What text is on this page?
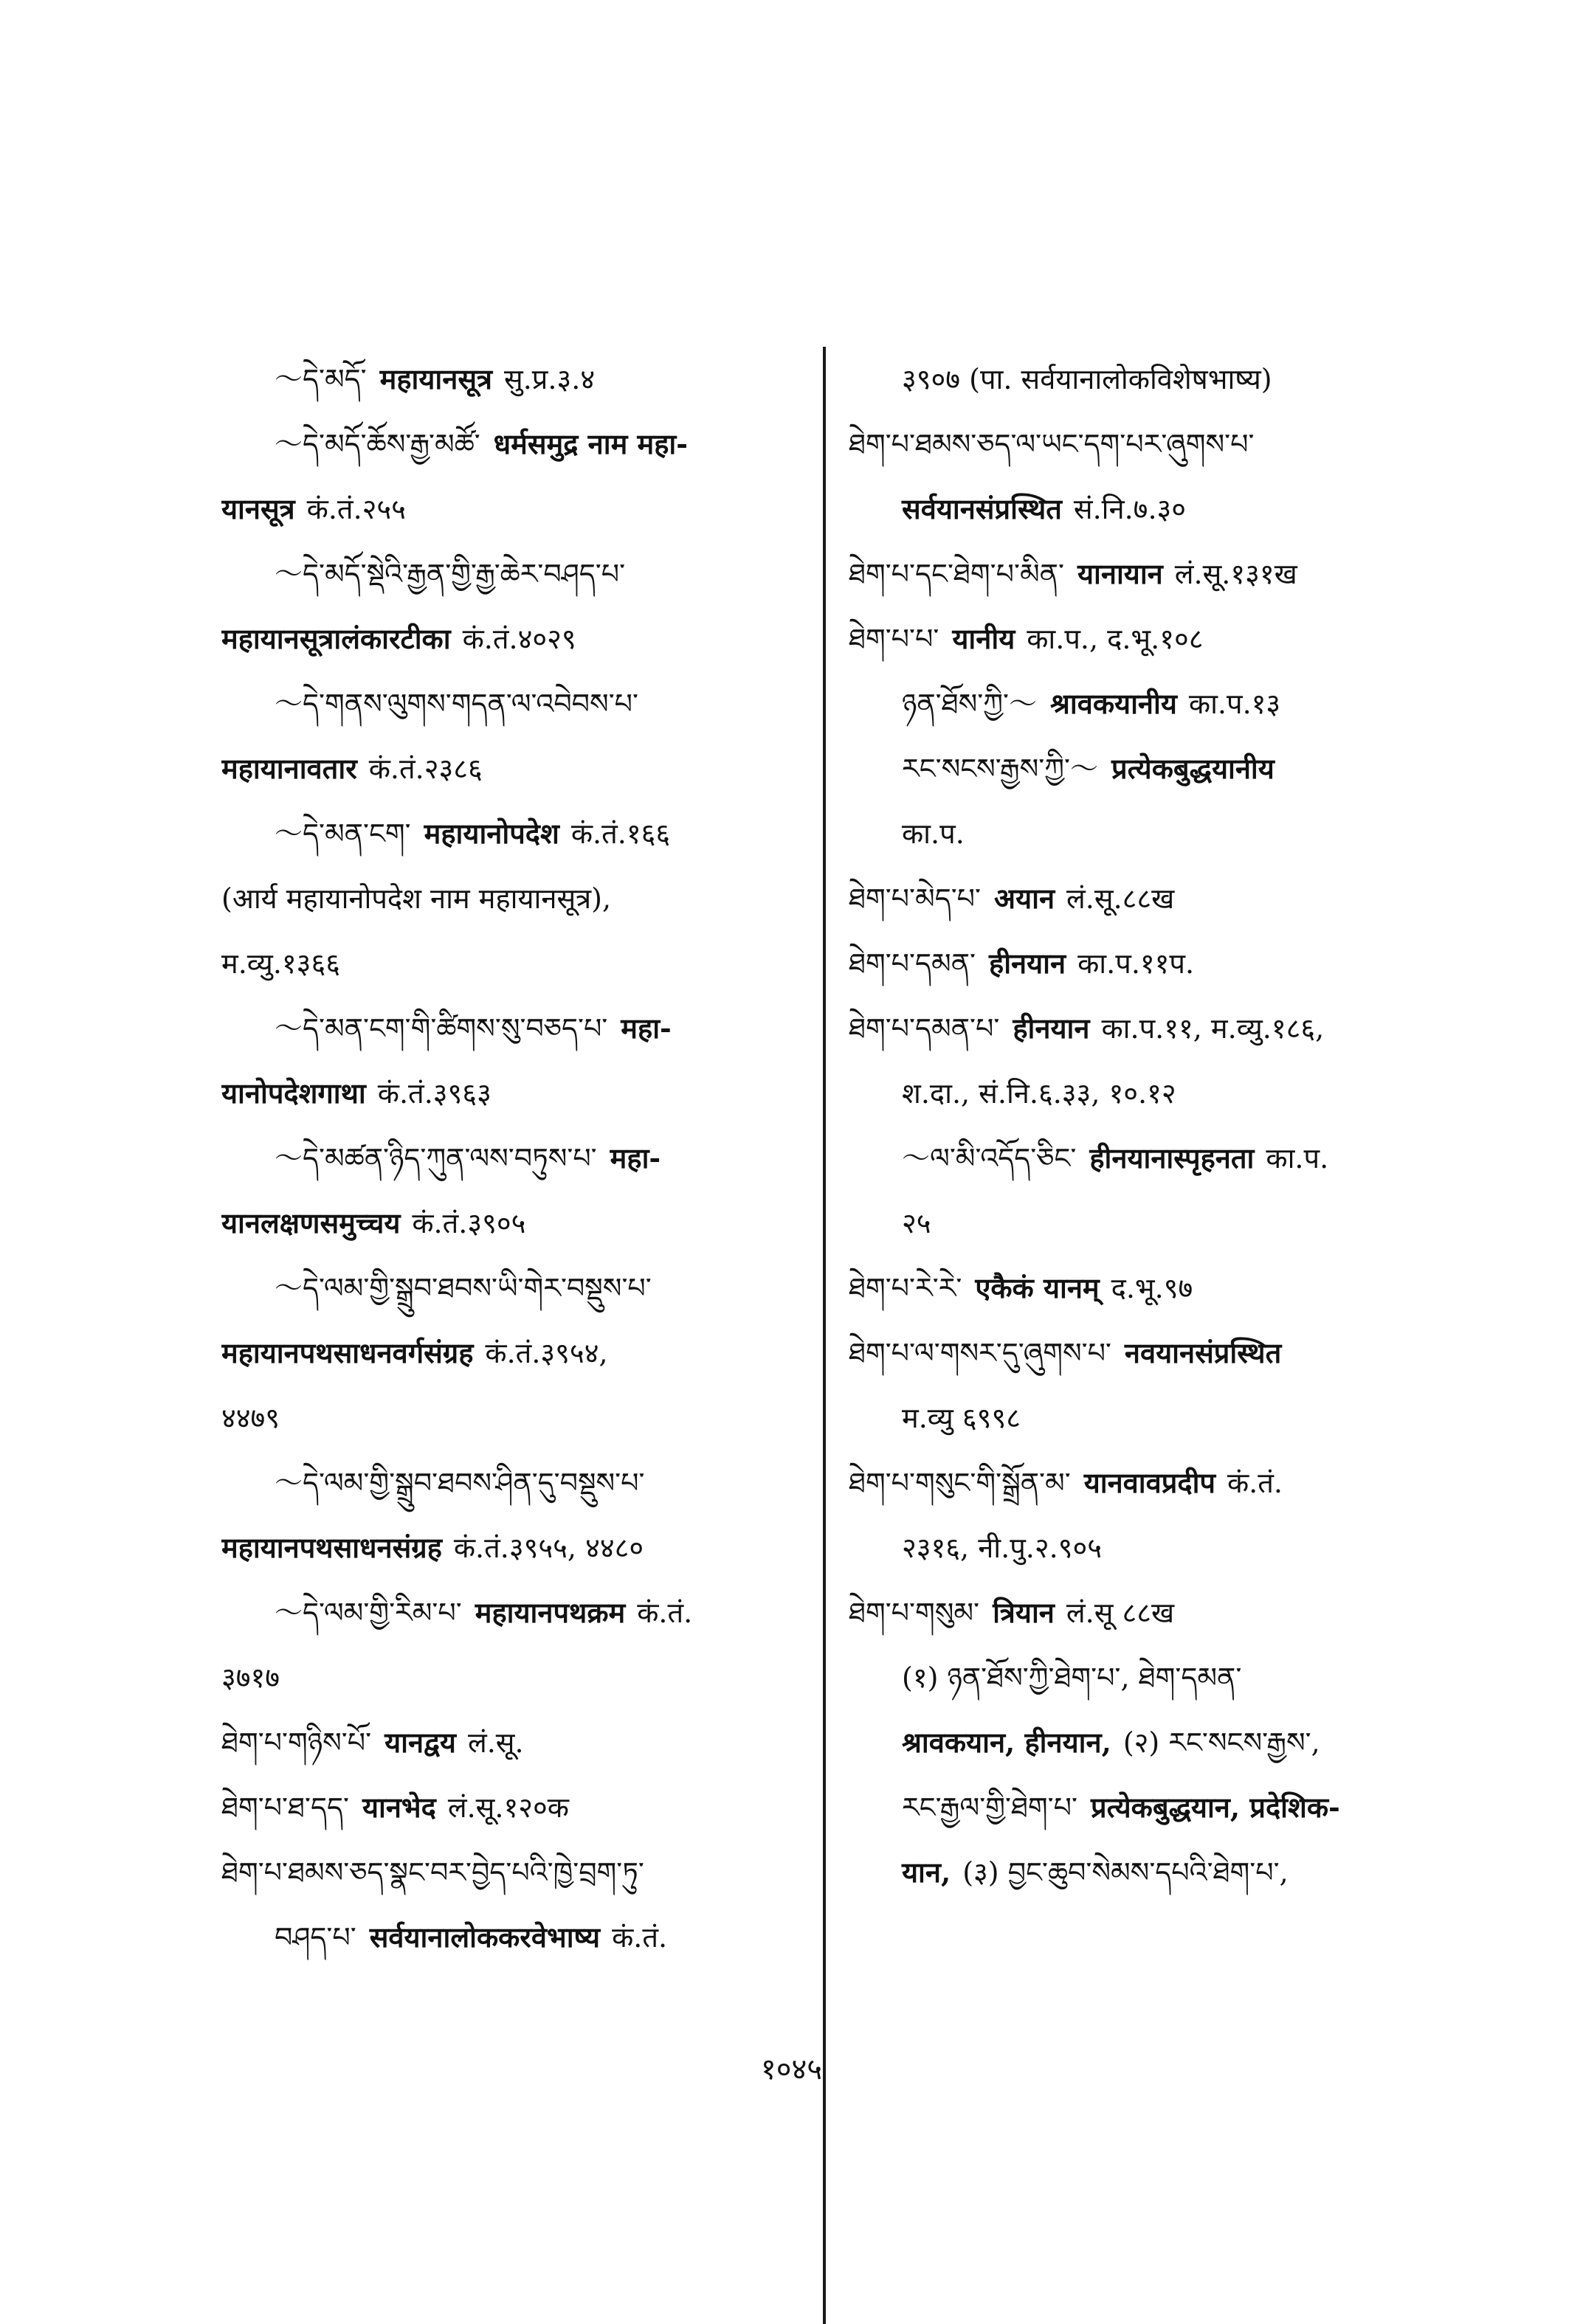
～དེ་མདོ་ महायानसूत्र सु.प्र.३.४
～དེ་མདོ་ཆོས་རྒྱ་མཚོ་ धर्मसमुद्र नाम महा-
यानसूत्र कं.तं.२५५
～དེ་མདོ་སྡེའི་རྒྱན་གྱི་རྒྱ་ཆེར་བཤད་པ་
महायानसूत्रालंकारटीका कं.तं.४०२९
～དེ་གནས་ལུགས་གདན་ལ་འབེབས་པ་
महायानावतार कं.तं.२३८६
～དེ་མན་ངག་ महायानोपदेश कं.तं.१६६
(आर्य महायानोपदेश नाम महायानसूत्र),
म.व्यु.१३६६
～དེ་མན་ངག་གི་ཚིགས་སུ་བཅད་པ་ महा-
यानोपदेशगाथा कं.तं.३९६३
～དེ་མཚན་ཉིད་ཀུན་ལས་བཏུས་པ་ महा-
यानलक्षणसमुच्चय कं.तं.३९०५
～དེ་ལམ་གྱི་སྒྲུབ་ཐབས་ཡི་གེར་བསྡུས་པ་
महायानपथसाधनवर्गसंग्रह कं.तं.३९५४,
४४७९
～དེ་ལམ་གྱི་སྒྲུབ་ཐབས་ཤིན་དུ་བསྡུས་པ་
महायानपथसाधनसंग्रह कं.तं.३९५५, ४४८०
～དེ་ལམ་གྱི་རིམ་པ་ महायानपथक्रम कं.तं.
३७१७
ཐེག་པ་གཉིས་པོ་ यानद्वय लं.सू.
ཐེག་པ་ཐ་དད་ यानभेद लं.सू.१२०क
ཐེག་པ་ཐམས་ཅད་སྣང་བར་བྱེད་པའི་ཁྱེ་བྲག་ཏུ་
བཤད་པ་ सर्वयानालोककरवेभाष्य कं.तं.
३९०७ (पा. सर्वयानालोकविशेषभाष्य)
ཐེག་པ་ཐམས་ཅད་ལ་ཡང་དག་པར་ཞུགས་པ་
सर्वयानसंप्रस्थित सं.नि.७.३०
ཐེག་པ་དང་ཐེག་པ་མིན་ यानायान लं.सू.१३१ख
ཐེག་པ་པ་ यानीय का.प., द.भू.१०८
ཉན་ཐོས་ཀྱི་～ श्रावकयानीय का.प.१३
རང་སངས་རྒྱས་ཀྱི་～ प्रत्येकबुद्धयानीय
का.प.
ཐེག་པ་མེད་པ་ अयान लं.सू.८८ख
ཐེག་པ་དམན་ हीनयान का.प.११प.
ཐེག་པ་དམན་པ་ हीनयान का.प.११, म.व्यु.१८६,
श.दा., सं.नि.६.३३, १०.१२
～ལ་མི་འདོད་ཅིང་ हीनयानास्पृहनता का.प.
२५
ཐེག་པ་རེ་རེ་ एकैकं यानम् द.भू.९७
ཐེག་པ་ལ་གསར་དུ་ཞུགས་པ་ नवयानसंप्रस्थित
म.व्यु ६९९८
ཐེག་པ་གསུང་གི་སྒྲོན་མ་ यानवावप्रदीप कं.तं.
२३१६, नी.पु.२.९०५
ཐེག་པ་གསུམ་ त्रियान लं.सू ८८ख
(१) ཉན་ཐོས་ཀྱི་ཐེག་པ་, ཐེག་དམན་
श्रावकयान, हीनयान, (२) རང་སངས་རྒྱས་,
རང་རྒྱལ་གྱི་ཐེག་པ་ प्रत्येकबुद्धयान, प्रदेशिक-
यान, (३) བྱང་ཆུབ་སེམས་དཔའི་ཐེག་པ་,
१०४५
